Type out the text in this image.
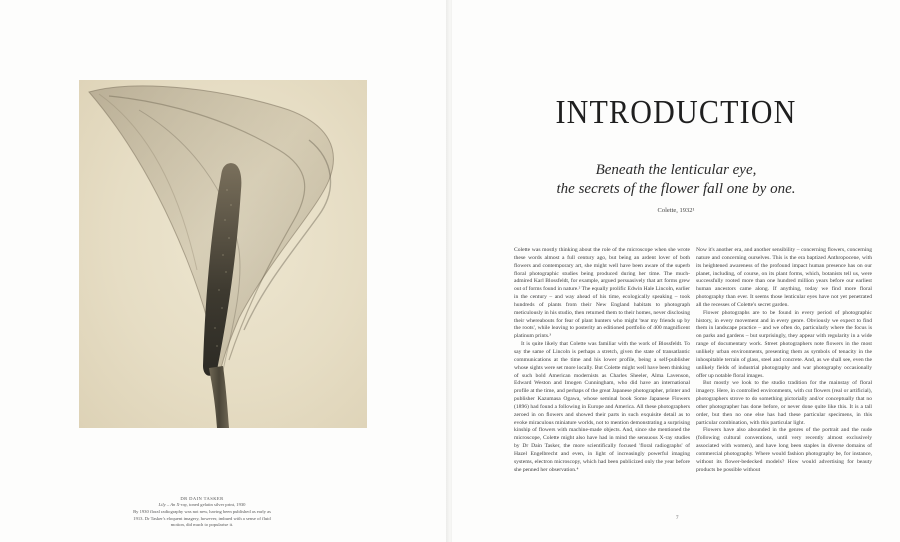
DR DAIN TASKER
Lily – An X-ray, toned gelatin silver print, 1930
By 1930 floral radiography was not new, having been published as early as 1913. Dr Tasker's eloquent imagery, however, imbued with a sense of fluid motion, did much to popularise it.
INTRODUCTION
Beneath the lenticular eye,
the secrets of the flower fall one by one.
Colette, 1932¹

Colette was mostly thinking about the role of the microscope when she wrote these words almost a full century ago, but being an ardent lover of both flowers and contemporary art, she might well have been aware of the superb floral photographic studies being produced during her time. The much-admired Karl Blossfeldt, for example, argued persuasively that art forms grew out of forms found in nature.² The equally prolific Edwin Hale Lincoln, earlier in the century – and way ahead of his time, ecologically speaking – took hundreds of plants from their New England habitats to photograph meticulously in his studio, then returned them to their homes, never disclosing their whereabouts for fear of plant hunters who might 'tear my friends up by the roots', while leaving to posterity an editioned portfolio of 400 magnificent platinum prints.³

It is quite likely that Colette was familiar with the work of Blossfeldt. To say the same of Lincoln is perhaps a stretch, given the state of transatlantic communications at the time and his lower profile, being a self-publisher whose sights were set more locally. But Colette might well have been thinking of such bold American modernists as Charles Sheeler, Alma Lavenson, Edward Weston and Imogen Cunningham, who did have an international profile at the time, and perhaps of the great Japanese photographer, printer and publisher Kazumasa Ogawa, whose seminal book Some Japanese Flowers (1896) had found a following in Europe and America. All these photographers zeroed in on flowers and showed their parts in such exquisite detail as to evoke miraculous miniature worlds, not to mention demonstrating a surprising kinship of flowers with machine-made objects. And, since she mentioned the microscope, Colette might also have had in mind the sensuous X-ray studies by Dr Dain Tasker, the more scientifically focused 'floral radiographs' of Hazel Engelbrecht and even, in light of increasingly powerful imaging systems, electron microscopy, which had been publicized only the year before she penned her observation.⁴

Now it's another era, and another sensibility – concerning flowers, concerning nature and concerning ourselves. This is the era baptized Anthropocene, with its heightened awareness of the profound impact human presence has on our planet, including, of course, on its plant forms, which, botanists tell us, were successfully rooted more than one hundred million years before our earliest human ancestors came along. If anything, today we find more floral photography than ever. It seems those lenticular eyes have not yet penetrated all the recesses of Colette's secret garden.

Flower photographs are to be found in every period of photographic history, in every movement and in every genre. Obviously we expect to find them in landscape practice – and we often do, particularly where the focus is on parks and gardens – but surprisingly, they appear with regularity in a wide range of documentary work. Street photographers note flowers in the most unlikely urban environments, presenting them as symbols of tenacity in the inhospitable terrain of glass, steel and concrete. And, as we shall see, even the unlikely fields of industrial photography and war photography occasionally offer up notable floral images.

But mostly we look to the studio tradition for the mainstay of floral imagery. Here, in controlled environments, with cut flowers (real or artificial), photographers strove to do something pictorially and/or conceptually that no other photographer has done before, or never done quite like this. It is a tall order, but then no one else has had these particular specimens, in this particular combination, with this particular light.

Flowers have also abounded in the genres of the portrait and the nude (following cultural conventions, until very recently almost exclusively associated with women), and have long been staples in diverse domains of commercial photography. Where would fashion photography be, for instance, without its flower-bedecked models? How would advertising for beauty products be possible without

7
